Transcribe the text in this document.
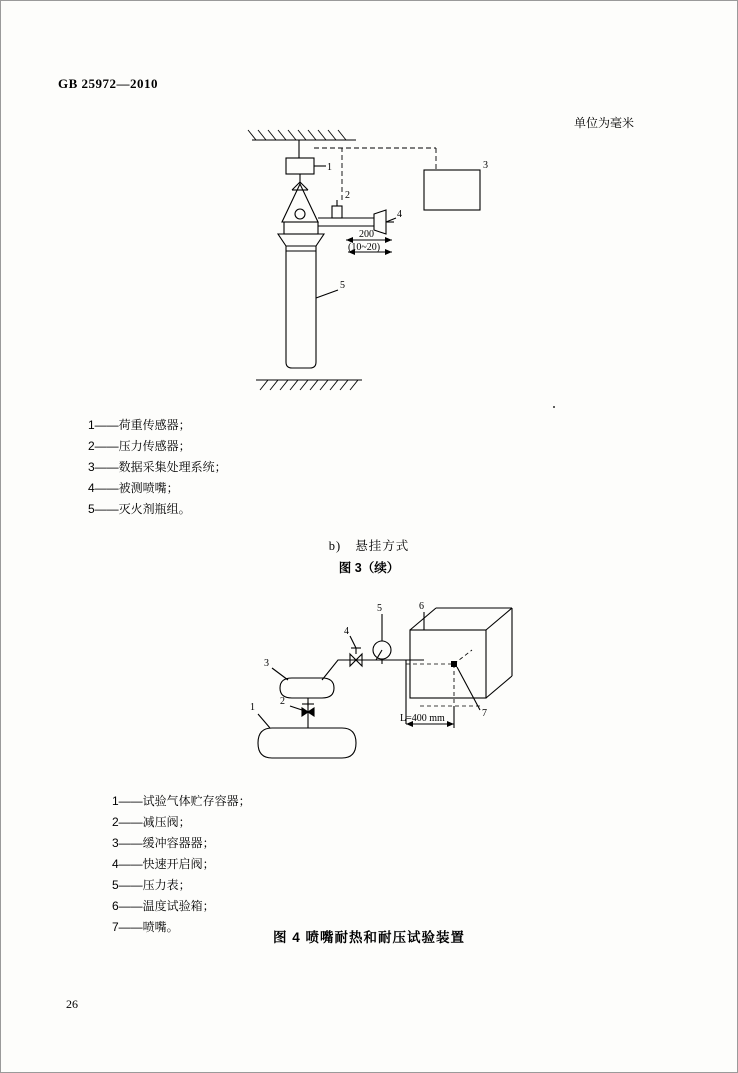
GB 25972—2010
单位为毫米
1
2
3
4
5
200
(10~20)
1——荷重传感器；
2——压力传感器；
3——数据采集处理系统；
4——被测喷嘴；
5——灭火剂瓶组。
b) 悬挂方式
图 3（续）
1
2
3
4
5	6
7
L=400 mm
1——试验气体贮存容器；
2——减压阀；
3——缓冲容器器；
4——快速开启阀；
5——压力表；
6——温度试验箱；
7——喷嘴。
图 4 喷嘴耐热和耐压试验装置
26
